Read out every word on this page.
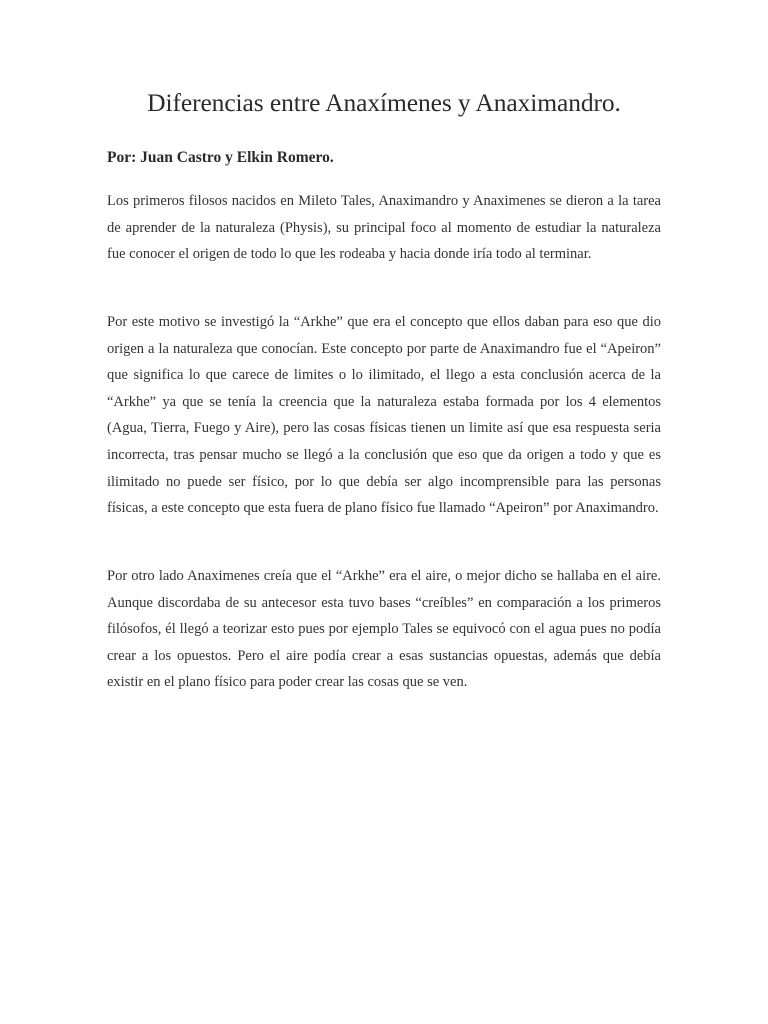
Diferencias entre Anaxímenes y Anaximandro.

Por: Juan Castro y Elkin Romero.

Los primeros filosos nacidos en Mileto Tales, Anaximandro y Anaximenes se dieron a la tarea de aprender de la naturaleza (Physis), su principal foco al momento de estudiar la naturaleza fue conocer el origen de todo lo que les rodeaba y hacia donde iría todo al terminar.

Por este motivo se investigó la “Arkhe” que era el concepto que ellos daban para eso que dio origen a la naturaleza que conocían. Este concepto por parte de Anaximandro fue el “Apeiron” que significa lo que carece de limites o lo ilimitado, el llego a esta conclusión acerca de la “Arkhe” ya que se tenía la creencia que la naturaleza estaba formada por los 4 elementos (Agua, Tierra, Fuego y Aire), pero las cosas físicas tienen un limite así que esa respuesta seria incorrecta, tras pensar mucho se llegó a la conclusión que eso que da origen a todo y que es ilimitado no puede ser físico, por lo que debía ser algo incomprensible para las personas físicas, a este concepto que esta fuera de plano físico fue llamado “Apeiron” por Anaximandro.

Por otro lado Anaximenes creía que el “Arkhe” era el aire, o mejor dicho se hallaba en el aire. Aunque discordaba de su antecesor esta tuvo bases “creíbles” en comparación a los primeros filósofos, él llegó a teorizar esto pues por ejemplo Tales se equivocó con el agua pues no podía crear a los opuestos. Pero el aire podía crear a esas sustancias opuestas, además que debía existir en el plano físico para poder crear las cosas que se ven.
